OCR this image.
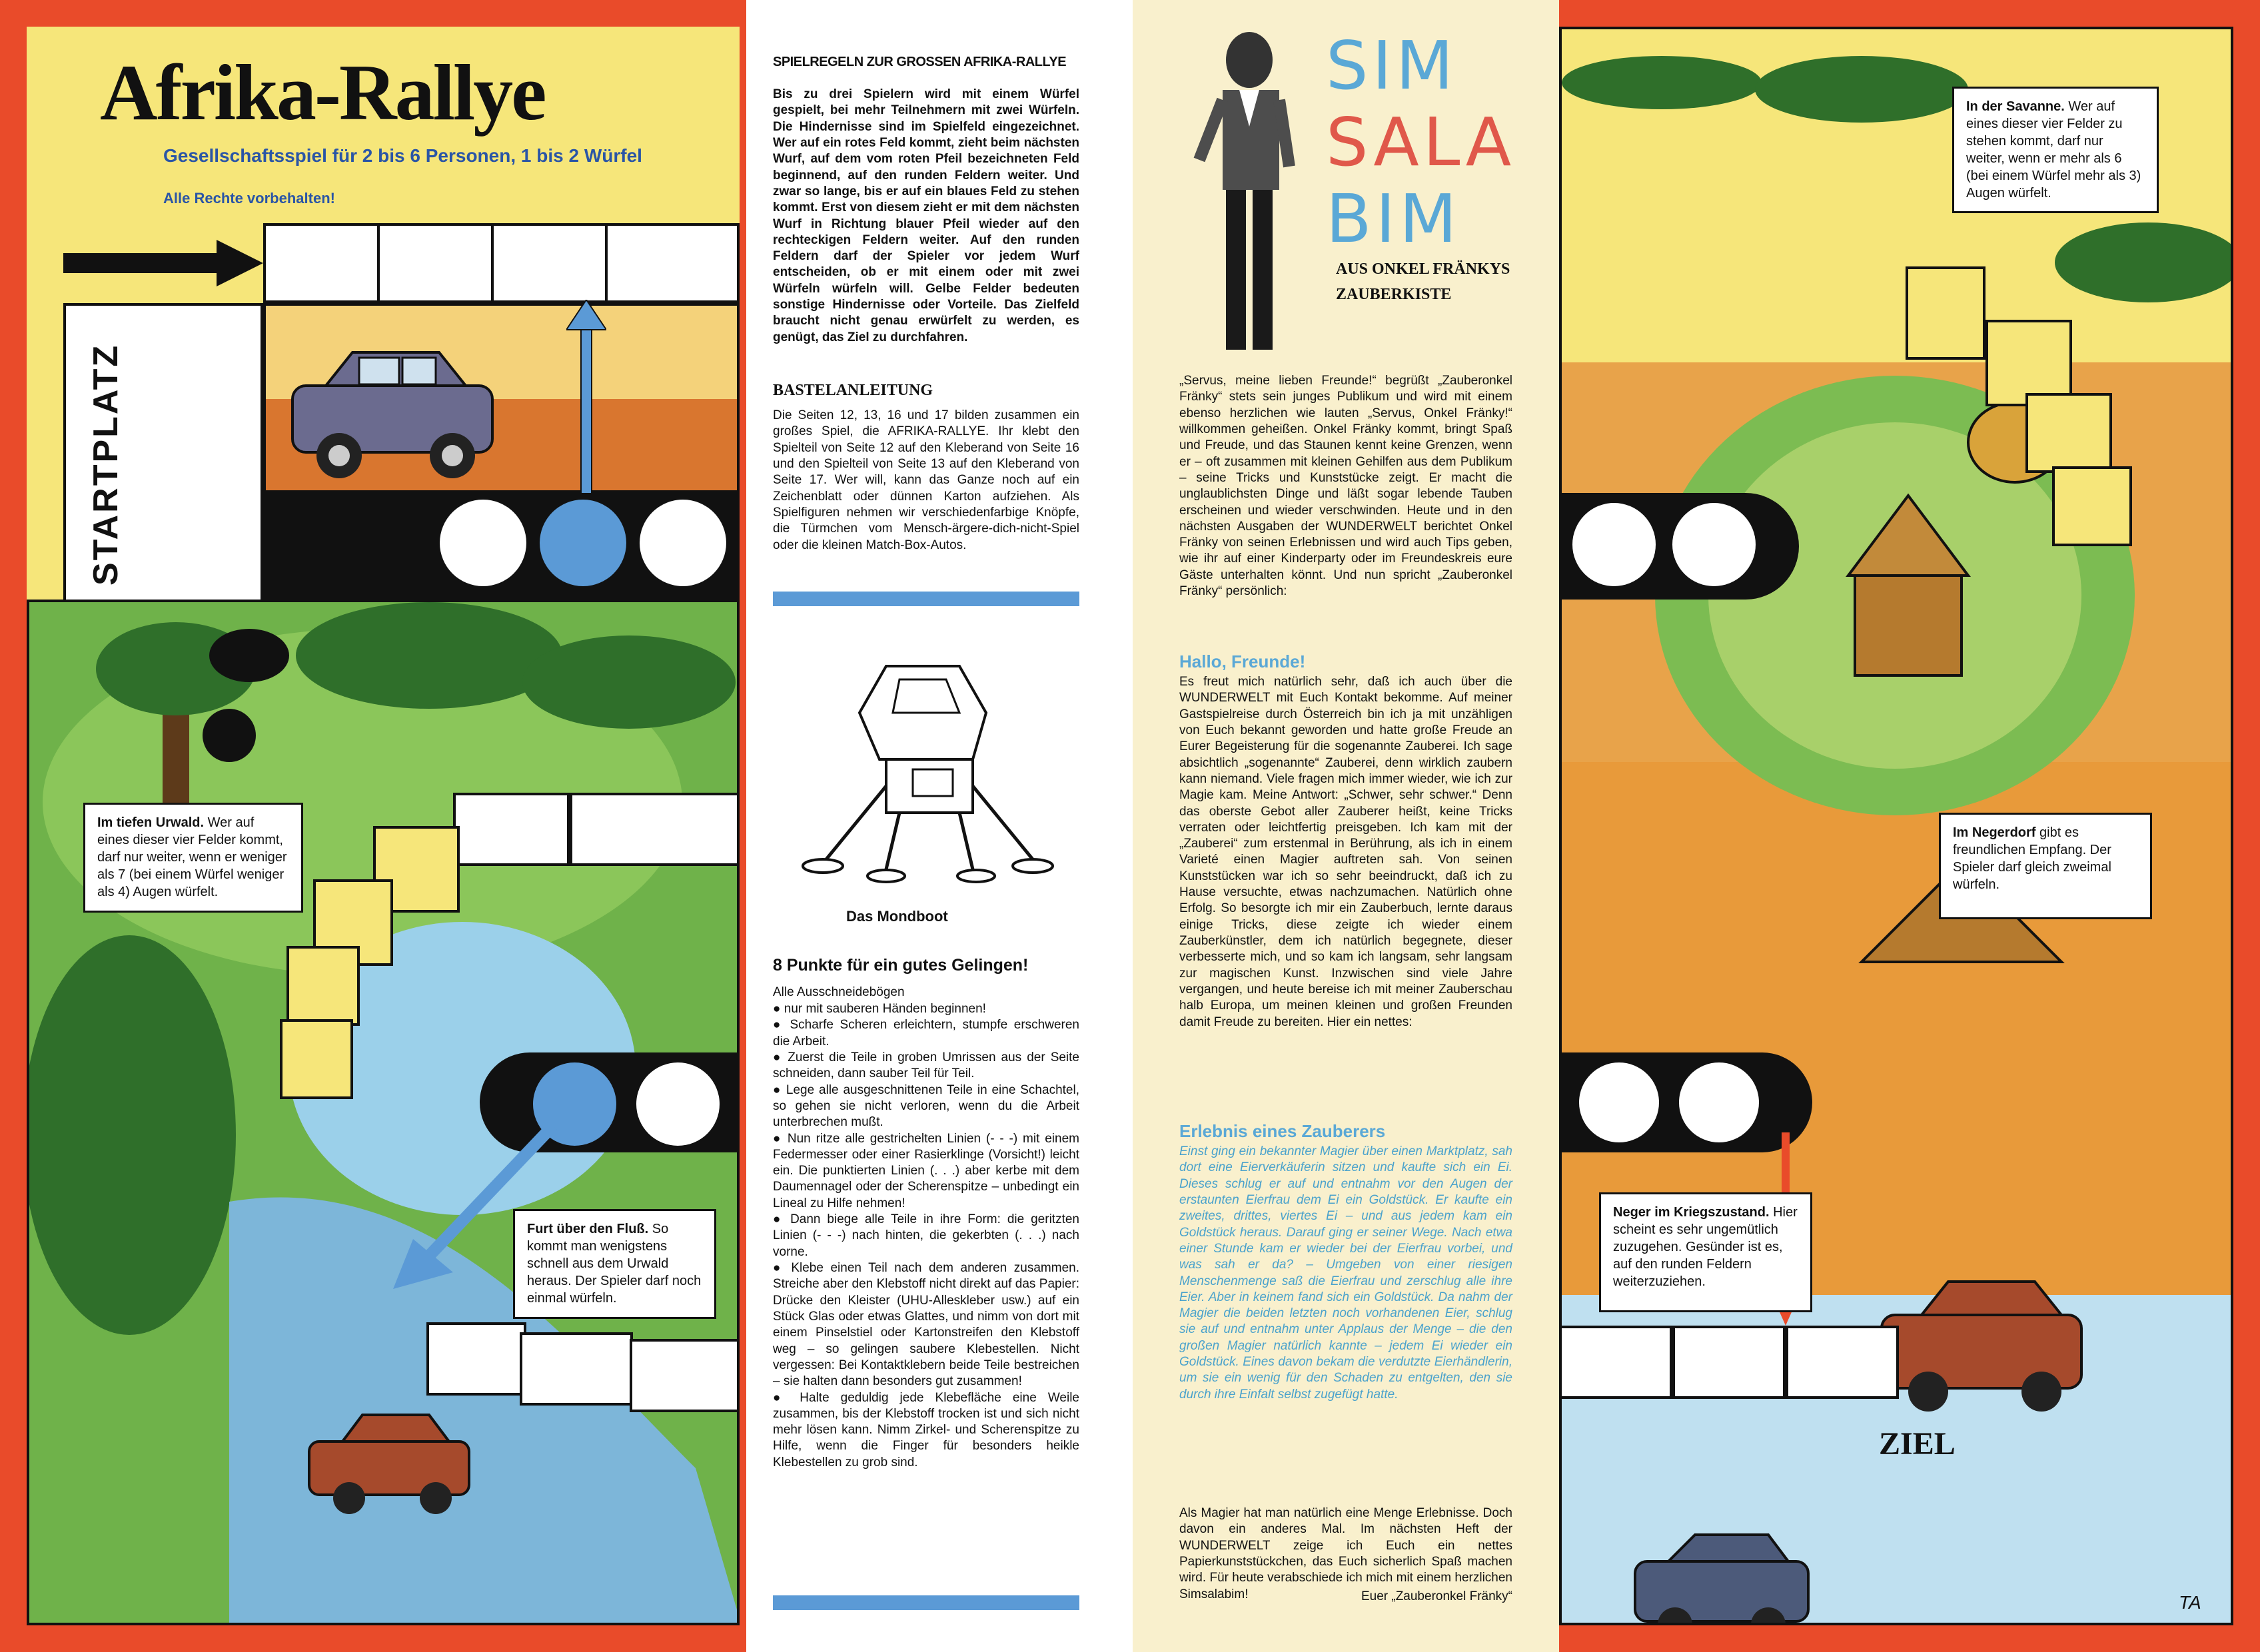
Afrika-Rallye
Gesellschaftsspiel für 2 bis 6 Personen, 1 bis 2 Würfel
Alle Rechte vorbehalten!
STARTPLATZ
Im tiefen Urwald. Wer auf eines dieser vier Felder kommt, darf nur weiter, wenn er weniger als 7 (bei einem Würfel weniger als 4) Augen würfelt.
Furt über den Fluß. So kommt man wenigstens schnell aus dem Urwald heraus. Der Spieler darf noch einmal würfeln.
SPIELREGELN ZUR GROSSEN AFRIKA-RALLYE
Bis zu drei Spielern wird mit einem Würfel gespielt, bei mehr Teilnehmern mit zwei Würfeln. Die Hindernisse sind im Spielfeld eingezeichnet. Wer auf ein rotes Feld kommt, zieht beim nächsten Wurf, auf dem vom roten Pfeil bezeichneten Feld beginnend, auf den runden Feldern weiter. Und zwar so lange, bis er auf ein blaues Feld zu stehen kommt. Erst von diesem zieht er mit dem nächsten Wurf in Richtung blauer Pfeil wieder auf den rechteckigen Feldern weiter. Auf den runden Feldern darf der Spieler vor jedem Wurf entscheiden, ob er mit einem oder mit zwei Würfeln würfeln will. Gelbe Felder bedeuten sonstige Hindernisse oder Vorteile. Das Zielfeld braucht nicht genau erwürfelt zu werden, es genügt, das Ziel zu durchfahren.
BASTELANLEITUNG
Die Seiten 12, 13, 16 und 17 bilden zusammen ein großes Spiel, die AFRIKA-RALLYE. Ihr klebt den Spielteil von Seite 12 auf den Kleberand von Seite 16 und den Spielteil von Seite 13 auf den Kleberand von Seite 17. Wer will, kann das Ganze noch auf ein Zeichenblatt oder dünnen Karton aufziehen. Als Spielfiguren nehmen wir verschiedenfarbige Knöpfe, die Türmchen vom Mensch-ärgere-dich-nicht-Spiel oder die kleinen Match-Box-Autos.
Das Mondboot
8 Punkte für ein gutes Gelingen!
Alle Ausschneidebögen
● nur mit sauberen Händen beginnen!
● Scharfe Scheren erleichtern, stumpfe erschweren die Arbeit.
● Zuerst die Teile in groben Umrissen aus der Seite schneiden, dann sauber Teil für Teil.
● Lege alle ausgeschnittenen Teile in eine Schachtel, so gehen sie nicht verloren, wenn du die Arbeit unterbrechen mußt.
● Nun ritze alle gestrichelten Linien (- - -) mit einem Federmesser oder einer Rasierklinge (Vorsicht!) leicht ein. Die punktierten Linien (. . .) aber kerbe mit dem Daumennagel oder der Scherenspitze – unbedingt ein Lineal zu Hilfe nehmen!
● Dann biege alle Teile in ihre Form: die geritzten Linien (- - -) nach hinten, die gekerbten (. . .) nach vorne.
● Klebe einen Teil nach dem anderen zusammen. Streiche aber den Klebstoff nicht direkt auf das Papier: Drücke den Kleister (UHU-Alleskleber usw.) auf ein Stück Glas oder etwas Glattes, und nimm von dort mit einem Pinselstiel oder Kartonstreifen den Klebstoff weg – so gelingen saubere Klebestellen. Nicht vergessen: Bei Kontaktklebern beide Teile bestreichen – sie halten dann besonders gut zusammen!
● Halte geduldig jede Klebefläche eine Weile zusammen, bis der Klebstoff trocken ist und sich nicht mehr lösen kann. Nimm Zirkel- und Scherenspitze zu Hilfe, wenn die Finger für besonders heikle Klebestellen zu grob sind.
SIM
SALA
BIM
AUS ONKEL FRÄNKYS
ZAUBERKISTE
„Servus, meine lieben Freunde!“ begrüßt „Zauberonkel Fränky“ stets sein junges Publikum und wird mit einem ebenso herzlichen wie lauten „Servus, Onkel Fränky!“ willkommen geheißen. Onkel Fränky kommt, bringt Spaß und Freude, und das Staunen kennt keine Grenzen, wenn er – oft zusammen mit kleinen Gehilfen aus dem Publikum – seine Tricks und Kunststücke zeigt. Er macht die unglaublichsten Dinge und läßt sogar lebende Tauben erscheinen und wieder verschwinden. Heute und in den nächsten Ausgaben der WUNDERWELT berichtet Onkel Fränky von seinen Erlebnissen und wird auch Tips geben, wie ihr auf einer Kinderparty oder im Freundeskreis eure Gäste unterhalten könnt. Und nun spricht „Zauberonkel Fränky“ persönlich:
Hallo, Freunde!
Es freut mich natürlich sehr, daß ich auch über die WUNDERWELT mit Euch Kontakt bekomme. Auf meiner Gastspielreise durch Österreich bin ich ja mit unzähligen von Euch bekannt geworden und hatte große Freude an Eurer Begeisterung für die sogenannte Zauberei. Ich sage absichtlich „sogenannte“ Zauberei, denn wirklich zaubern kann niemand. Viele fragen mich immer wieder, wie ich zur Magie kam. Meine Antwort: „Schwer, sehr schwer.“ Denn das oberste Gebot aller Zauberer heißt, keine Tricks verraten oder leichtfertig preisgeben. Ich kam mit der „Zauberei“ zum erstenmal in Berührung, als ich in einem Varieté einen Magier auftreten sah. Von seinen Kunststücken war ich so sehr beeindruckt, daß ich zu Hause versuchte, etwas nachzumachen. Natürlich ohne Erfolg. So besorgte ich mir ein Zauberbuch, lernte daraus einige Tricks, diese zeigte ich wieder einem Zauberkünstler, dem ich natürlich begegnete, dieser verbesserte mich, und so kam ich langsam, sehr langsam zur magischen Kunst. Inzwischen sind viele Jahre vergangen, und heute bereise ich mit meiner Zauberschau halb Europa, um meinen kleinen und großen Freunden damit Freude zu bereiten. Hier ein nettes:
Erlebnis eines Zauberers
Einst ging ein bekannter Magier über einen Marktplatz, sah dort eine Eierverkäuferin sitzen und kaufte sich ein Ei. Dieses schlug er auf und entnahm vor den Augen der erstaunten Eierfrau dem Ei ein Goldstück. Er kaufte ein zweites, drittes, viertes Ei – und aus jedem kam ein Goldstück heraus. Darauf ging er seiner Wege. Nach etwa einer Stunde kam er wieder bei der Eierfrau vorbei, und was sah er da? – Umgeben von einer riesigen Menschenmenge saß die Eierfrau und zerschlug alle ihre Eier. Aber in keinem fand sich ein Goldstück. Da nahm der Magier die beiden letzten noch vorhandenen Eier, schlug sie auf und entnahm unter Applaus der Menge – die den großen Magier natürlich kannte – jedem Ei wieder ein Goldstück. Eines davon bekam die verdutzte Eierhändlerin, um sie ein wenig für den Schaden zu entgelten, den sie durch ihre Einfalt selbst zugefügt hatte.
Als Magier hat man natürlich eine Menge Erlebnisse. Doch davon ein anderes Mal. Im nächsten Heft der WUNDERWELT zeige ich Euch ein nettes Papierkunststückchen, das Euch sicherlich Spaß machen wird. Für heute verabschiede ich mich mit einem herzlichen Simsalabim!	Euer „Zauberonkel Fränky“
ZIEL
TA
In der Savanne. Wer auf eines dieser vier Felder zu stehen kommt, darf nur weiter, wenn er mehr als 6 (bei einem Würfel mehr als 3) Augen würfelt.
Im Negerdorf gibt es freundlichen Empfang. Der Spieler darf gleich zweimal würfeln.
Neger im Kriegszustand. Hier scheint es sehr ungemütlich zuzugehen. Gesünder ist es, auf den runden Feldern weiterzuziehen.
